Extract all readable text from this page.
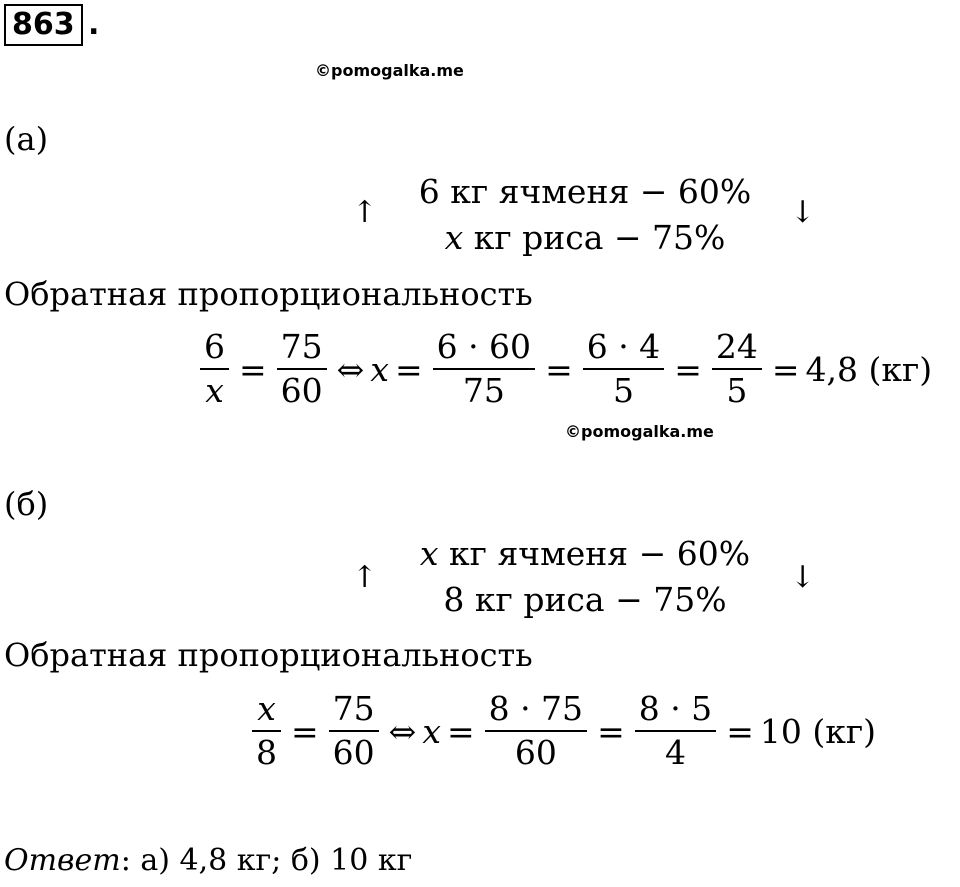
863 .
©pomogalka.me
(а)
↑	↓
6 кг ячменя − 60%
x кг риса − 75%
Обратная пропорциональность
$\frac{6}{x} = \frac{75}{60}$ ⇔ $x = \frac{6 \cdot 60}{75} = \frac{6 \cdot 4}{5} = \frac{24}{5} = 4,8$ (кг)
©pomogalka.me
(б)
↑	↓
x кг ячменя − 60%
8 кг риса − 75%
Обратная пропорциональность
$\frac{x}{8} = \frac{75}{60}$ ⇔ $x = \frac{8 \cdot 75}{60} = \frac{8 \cdot 5}{4} = 10$ (кг)
Ответ: а) 4,8 кг; б) 10 кг
